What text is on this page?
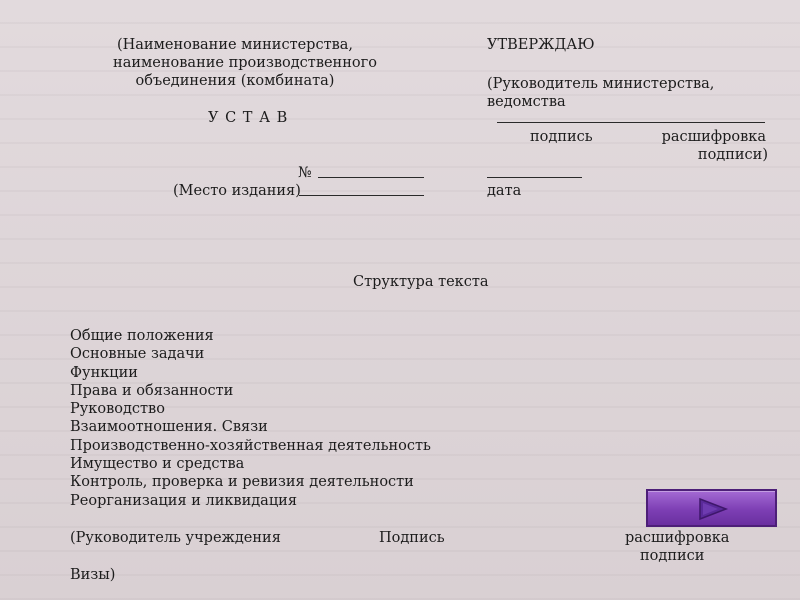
(Наименование министерства,
наименование производственного
объединения (комбината)
УТВЕРЖДАЮ
(Руководитель министерства,
ведомства
подпись	расшифровка
подписи)
У С Т А В
№
(Место издания)	дата
Структура текста
Общие положения
Основные задачи
Функции
Права и обязанности
Руководство
Взаимоотношения. Связи
Производственно-хозяйственная деятельность
Имущество и средства
Контроль, проверка и ревизия деятельности
Реорганизация и ликвидация
(Руководитель учреждения	Подпись	расшифровка
подписи
Визы)
